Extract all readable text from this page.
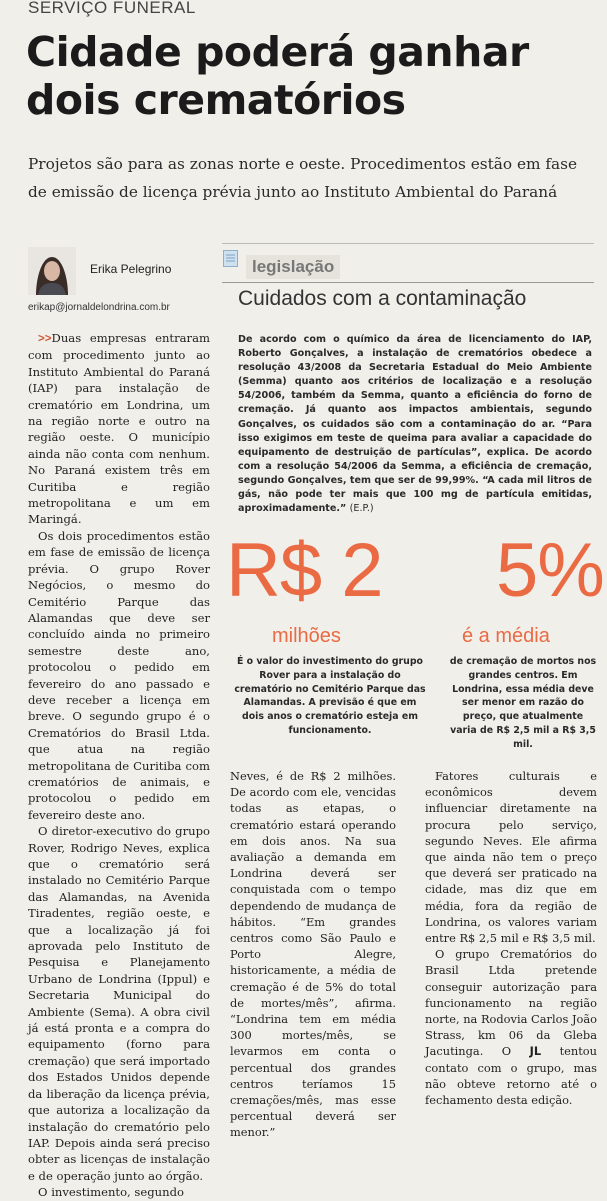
SERVIÇO FUNERAL
Cidade poderá ganhar dois crematórios
Projetos são para as zonas norte e oeste. Procedimentos estão em fase de emissão de licença prévia junto ao Instituto Ambiental do Paraná
Erika Pelegrino
erikap@jornaldelondrina.com.br

>>Duas empresas entraram com procedimento junto ao Instituto Ambiental do Paraná (IAP) para instalação de crematório em Londrina, um na região norte e outro na região oeste. O município ainda não conta com nenhum. No Paraná existem três em Curitiba e região metropolitana e um em Maringá.

Os dois procedimentos estão em fase de emissão de licença prévia. O grupo Rover Negócios, o mesmo do Cemitério Parque das Alamandas que deve ser concluído ainda no primeiro semestre deste ano, protocolou o pedido em fevereiro do ano passado e deve receber a licença em breve. O segundo grupo é o Crematórios do Brasil Ltda. que atua na região metropolitana de Curitiba com crematórios de animais, e protocolou o pedido em fevereiro deste ano.

O diretor-executivo do grupo Rover, Rodrigo Neves, explica que o crematório será instalado no Cemitério Parque das Alamandas, na Avenida Tiradentes, região oeste, e que a localização já foi aprovada pelo Instituto de Pesquisa e Planejamento Urbano de Londrina (Ippul) e Secretaria Municipal do Ambiente (Sema). A obra civil já está pronta e a compra do equipamento (forno para cremação) que será importado dos Estados Unidos depende da liberação da licença prévia, que autoriza a localização da instalação do crematório pelo IAP. Depois ainda será preciso obter as licenças de instalação e de operação junto ao órgão.

O investimento, segundo

legislação
Cuidados com a contaminação
De acordo com o químico da área de licenciamento do IAP, Roberto Gonçalves, a instalação de crematórios obedece a resolução 43/2008 da Secretaria Estadual do Meio Ambiente (Semma) quanto aos critérios de localização e a resolução 54/2006, também da Semma, quanto a eficiência do forno de cremação. Já quanto aos impactos ambientais, segundo Gonçalves, os cuidados são com a contaminação do ar. “Para isso exigimos em teste de queima para avaliar a capacidade do equipamento de destruição de partículas”, explica. De acordo com a resolução 54/2006 da Semma, a eficiência de cremação, segundo Gonçalves, tem que ser de 99,99%. “A cada mil litros de gás, não pode ter mais que 100 mg de partícula emitidas, aproximadamente.” (E.P.)
R$ 2
milhões
É o valor do investimento do grupo Rover para a instalação do crematório no Cemitério Parque das Alamandas. A previsão é que em dois anos o crematório esteja em funcionamento.
5%
é a média
de cremação de mortos nos grandes centros. Em Londrina, essa média deve ser menor em razão do preço, que atualmente varia de R$ 2,5 mil a R$ 3,5 mil.

Neves, é de R$ 2 milhões. De acordo com ele, vencidas todas as etapas, o crematório estará operando em dois anos. Na sua avaliação a demanda em Londrina deverá ser conquistada com o tempo dependendo de mudança de hábitos. “Em grandes centros como São Paulo e Porto Alegre, historicamente, a média de cremação é de 5% do total de mortes/mês”, afirma. “Londrina tem em média 300 mortes/mês, se levarmos em conta o percentual dos grandes centros teríamos 15 cremações/mês, mas esse percentual deverá ser menor.”

Fatores culturais e econômicos devem influenciar diretamente na procura pelo serviço, segundo Neves. Ele afirma que ainda não tem o preço que deverá ser praticado na cidade, mas diz que em média, fora da região de Londrina, os valores variam entre R$ 2,5 mil e R$ 3,5 mil.

O grupo Crematórios do Brasil Ltda pretende conseguir autorização para funcionamento na região norte, na Rodovia Carlos João Strass, km 06 da Gleba Jacutinga. O JL tentou contato com o grupo, mas não obteve retorno até o fechamento desta edição.
